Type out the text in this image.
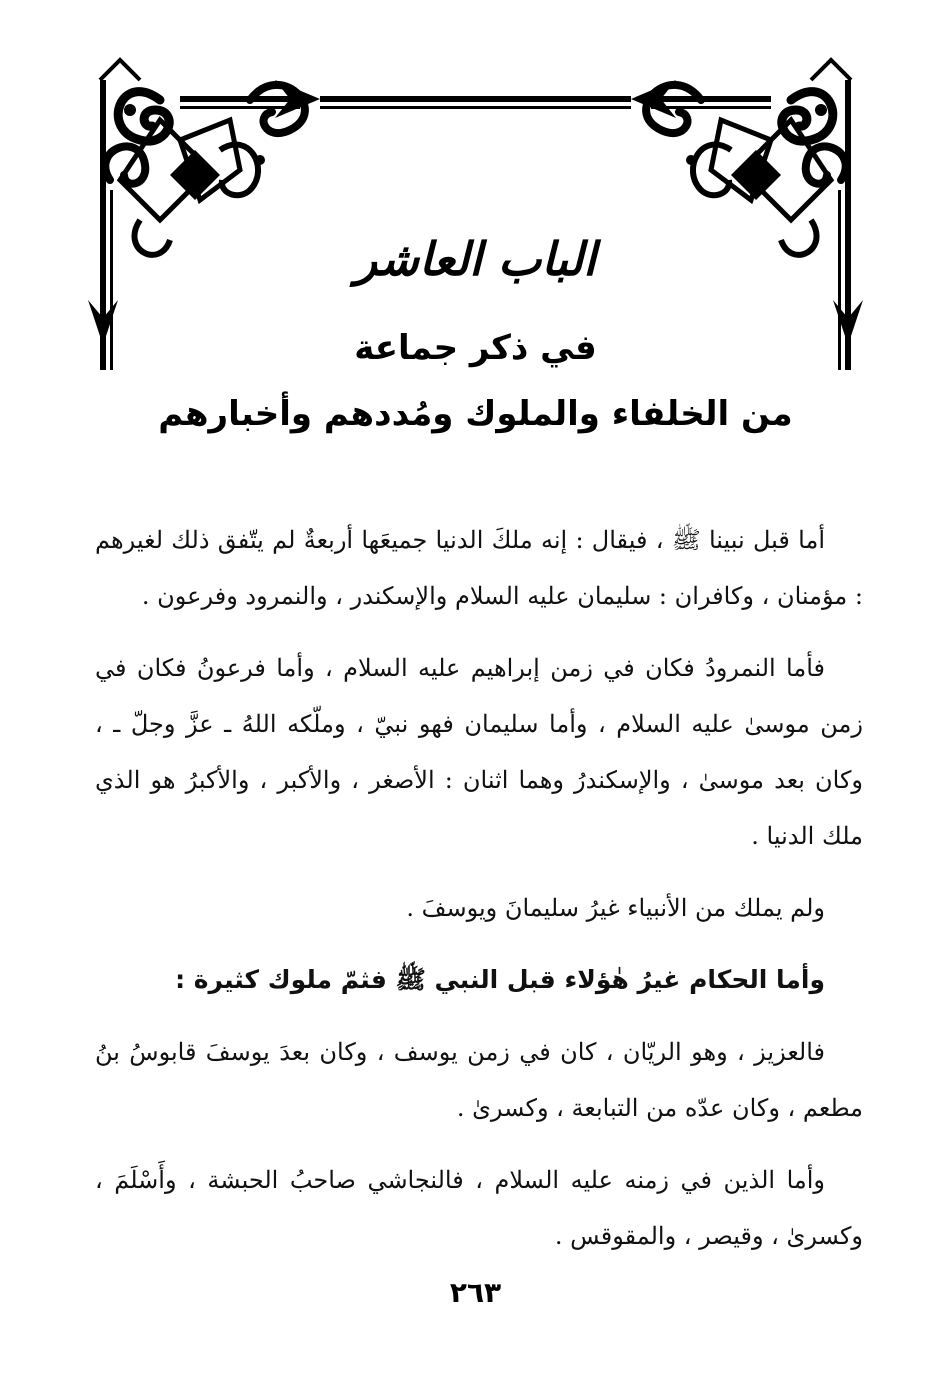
الباب العاشر
في ذكر جماعة
من الخلفاء والملوك ومُددهم وأخبارهم

أما قبل نبينا ﷺ ، فيقال : إنه ملكَ الدنيا جميعَها أربعةٌ لم يتّفق ذلك لغيرهم : مؤمنان ، وكافران : سليمان عليه السلام والإسكندر ، والنمرود وفرعون .

فأما النمرودُ فكان في زمن إبراهيم عليه السلام ، وأما فرعونُ فكان في زمن موسىٰ عليه السلام ، وأما سليمان فهو نبيّ ، وملّكه اللهُ ـ عزَّ وجلّ ـ ، وكان بعد موسىٰ ، والإسكندرُ وهما اثنان : الأصغر ، والأكبر ، والأكبرُ هو الذي ملك الدنيا .

ولم يملك من الأنبياء غيرُ سليمانَ ويوسفَ .

وأما الحكام غيرُ هٰؤلاء قبل النبي ﷺ فثمّ ملوك كثيرة :

فالعزيز ، وهو الريّان ، كان في زمن يوسف ، وكان بعدَ يوسفَ قابوسُ بنُ مطعم ، وكان عدّه من التبابعة ، وكسرىٰ .

وأما الذين في زمنه عليه السلام ، فالنجاشي صاحبُ الحبشة ، وأَسْلَمَ ، وكسرىٰ ، وقيصر ، والمقوقس .

٢٦٣
